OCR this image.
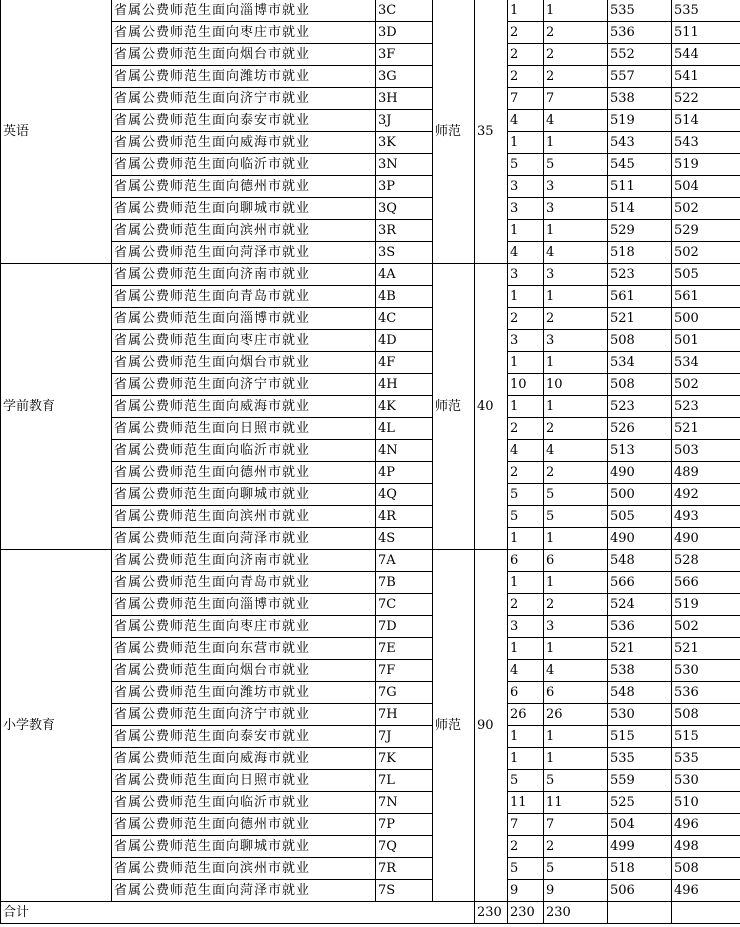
英语	省属公费师范生面向淄博市就业	3C	师范	35	1	1	535	535
	省属公费师范生面向枣庄市就业	3D			2	2	536	511
	省属公费师范生面向烟台市就业	3F			2	2	552	544
	省属公费师范生面向潍坊市就业	3G			2	2	557	541
	省属公费师范生面向济宁市就业	3H			7	7	538	522
	省属公费师范生面向泰安市就业	3J			4	4	519	514
	省属公费师范生面向威海市就业	3K			1	1	543	543
	省属公费师范生面向临沂市就业	3N			5	5	545	519
	省属公费师范生面向德州市就业	3P			3	3	511	504
	省属公费师范生面向聊城市就业	3Q			3	3	514	502
	省属公费师范生面向滨州市就业	3R			1	1	529	529
	省属公费师范生面向菏泽市就业	3S			4	4	518	502
学前教育	省属公费师范生面向济南市就业	4A	师范	40	3	3	523	505
	省属公费师范生面向青岛市就业	4B			1	1	561	561
	省属公费师范生面向淄博市就业	4C			2	2	521	500
	省属公费师范生面向枣庄市就业	4D			3	3	508	501
	省属公费师范生面向烟台市就业	4F			1	1	534	534
	省属公费师范生面向济宁市就业	4H			10	10	508	502
	省属公费师范生面向威海市就业	4K			1	1	523	523
	省属公费师范生面向日照市就业	4L			2	2	526	521
	省属公费师范生面向临沂市就业	4N			4	4	513	503
	省属公费师范生面向德州市就业	4P			2	2	490	489
	省属公费师范生面向聊城市就业	4Q			5	5	500	492
	省属公费师范生面向滨州市就业	4R			5	5	505	493
	省属公费师范生面向菏泽市就业	4S			1	1	490	490
小学教育	省属公费师范生面向济南市就业	7A	师范	90	6	6	548	528
	省属公费师范生面向青岛市就业	7B			1	1	566	566
	省属公费师范生面向淄博市就业	7C			2	2	524	519
	省属公费师范生面向枣庄市就业	7D			3	3	536	502
	省属公费师范生面向东营市就业	7E			1	1	521	521
	省属公费师范生面向烟台市就业	7F			4	4	538	530
	省属公费师范生面向潍坊市就业	7G			6	6	548	536
	省属公费师范生面向济宁市就业	7H			26	26	530	508
	省属公费师范生面向泰安市就业	7J			1	1	515	515
	省属公费师范生面向威海市就业	7K			1	1	535	535
	省属公费师范生面向日照市就业	7L			5	5	559	530
	省属公费师范生面向临沂市就业	7N			11	11	525	510
	省属公费师范生面向德州市就业	7P			7	7	504	496
	省属公费师范生面向聊城市就业	7Q			2	2	499	498
	省属公费师范生面向滨州市就业	7R			5	5	518	508
	省属公费师范生面向菏泽市就业	7S			9	9	506	496
合计				230	230	230		
